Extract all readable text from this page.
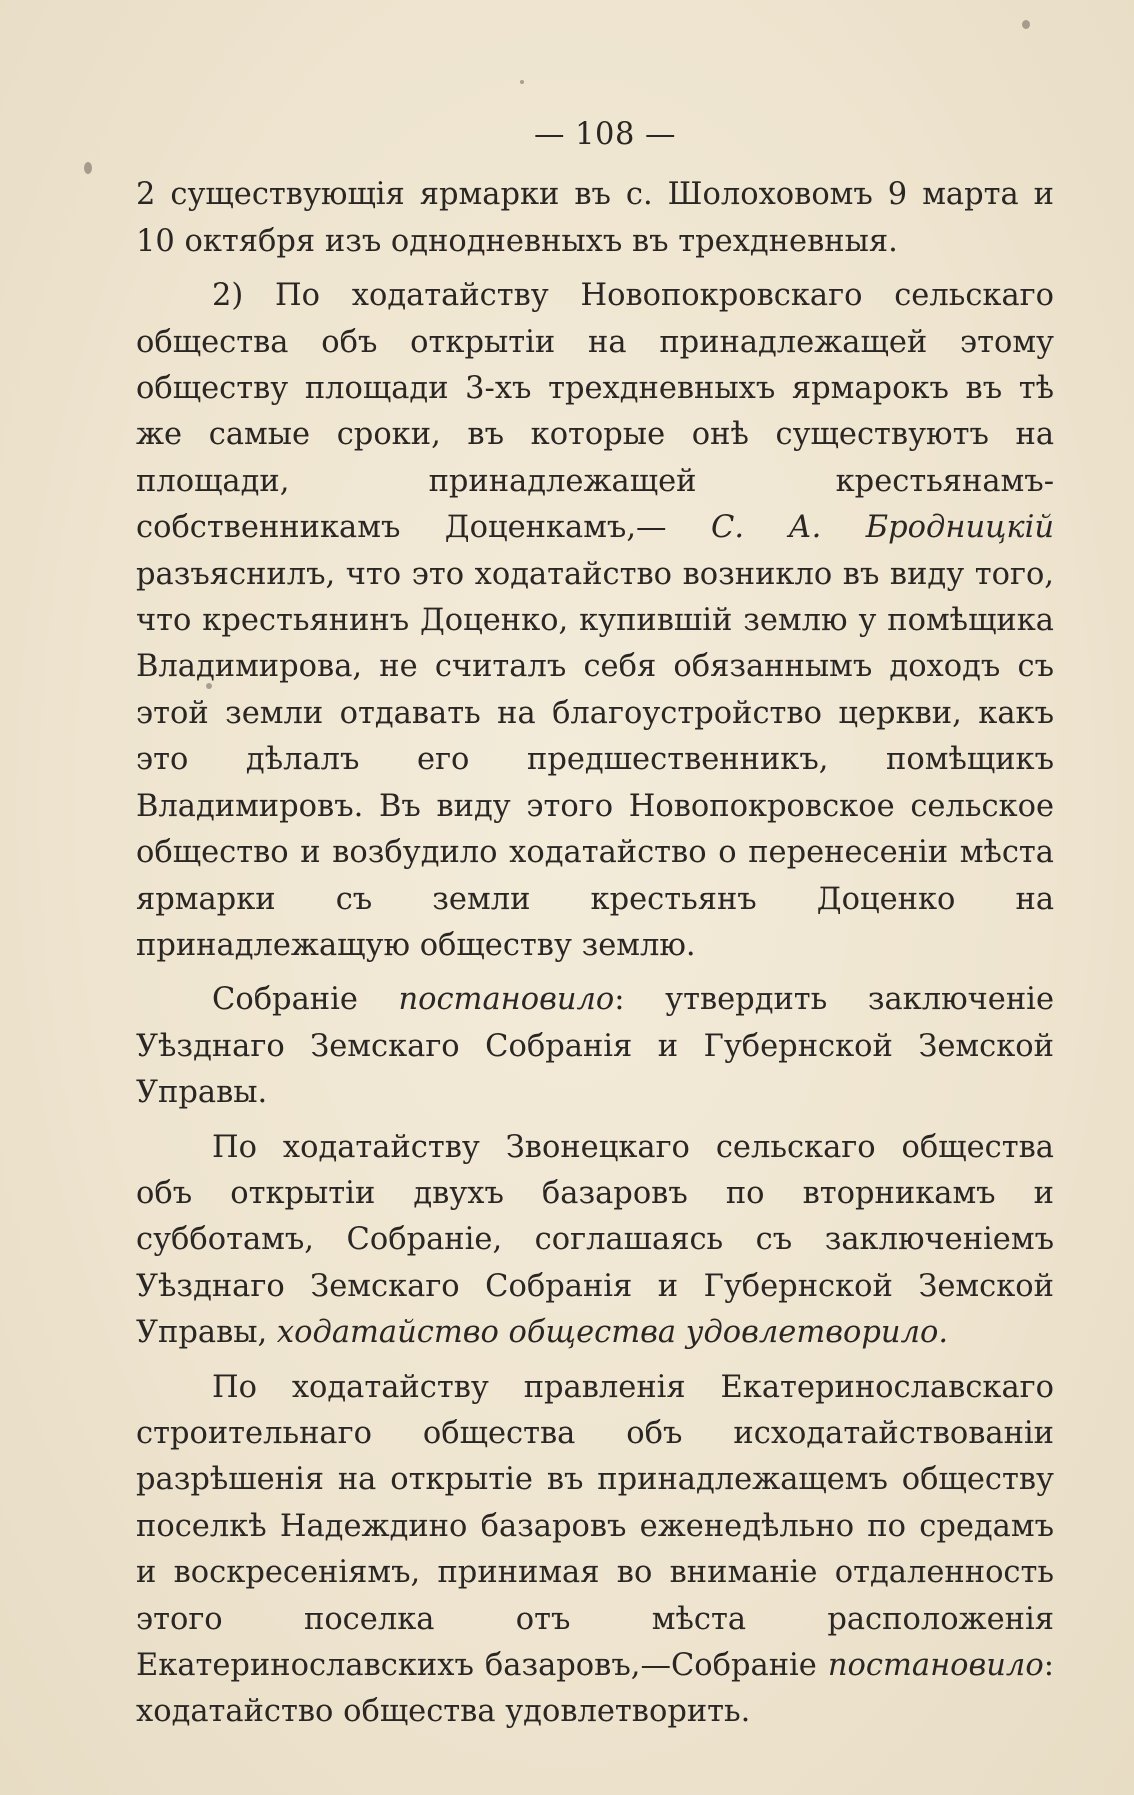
— 108 —

2 существующія ярмарки въ с. Шолоховомъ 9 марта и 10 октября изъ однодневныхъ въ трехдневныя.

2) По ходатайству Новопокровскаго сельскаго общества объ открытіи на принадлежащей этому обществу площади 3-хъ трехдневныхъ ярмарокъ въ тѣ же самые сроки, въ которые онѣ существуютъ на площади, принадлежащей крестьянамъ-собственникамъ Доценкамъ,— С. А. Бродницкій разъяснилъ, что это ходатайство возникло въ виду того, что крестьянинъ Доценко, купившій землю у помѣщика Владимирова, не считалъ себя обязаннымъ доходъ съ этой земли отдавать на благоустройство церкви, какъ это дѣлалъ его предшественникъ, помѣщикъ Владимировъ. Въ виду этого Новопокровское сельское общество и возбудило ходатайство о перенесеніи мѣста ярмарки съ земли крестьянъ Доценко на принадлежащую обществу землю.

Собраніе постановило: утвердить заключеніе Уѣзднаго Земскаго Собранія и Губернской Земской Управы.

По ходатайству Звонецкаго сельскаго общества объ открытіи двухъ базаровъ по вторникамъ и субботамъ, Собраніе, соглашаясь съ заключеніемъ Уѣзднаго Земскаго Собранія и Губернской Земской Управы, ходатайство общества удовлетворило.

По ходатайству правленія Екатеринославскаго строительнаго общества объ исходатайствованіи разрѣшенія на открытіе въ принадлежащемъ обществу поселкѣ Надеждино базаровъ еженедѣльно по средамъ и воскресеніямъ, принимая во вниманіе отдаленность этого поселка отъ мѣста расположенія Екатеринославскихъ базаровъ,—Собраніе постановило: ходатайство общества удовлетворить.
